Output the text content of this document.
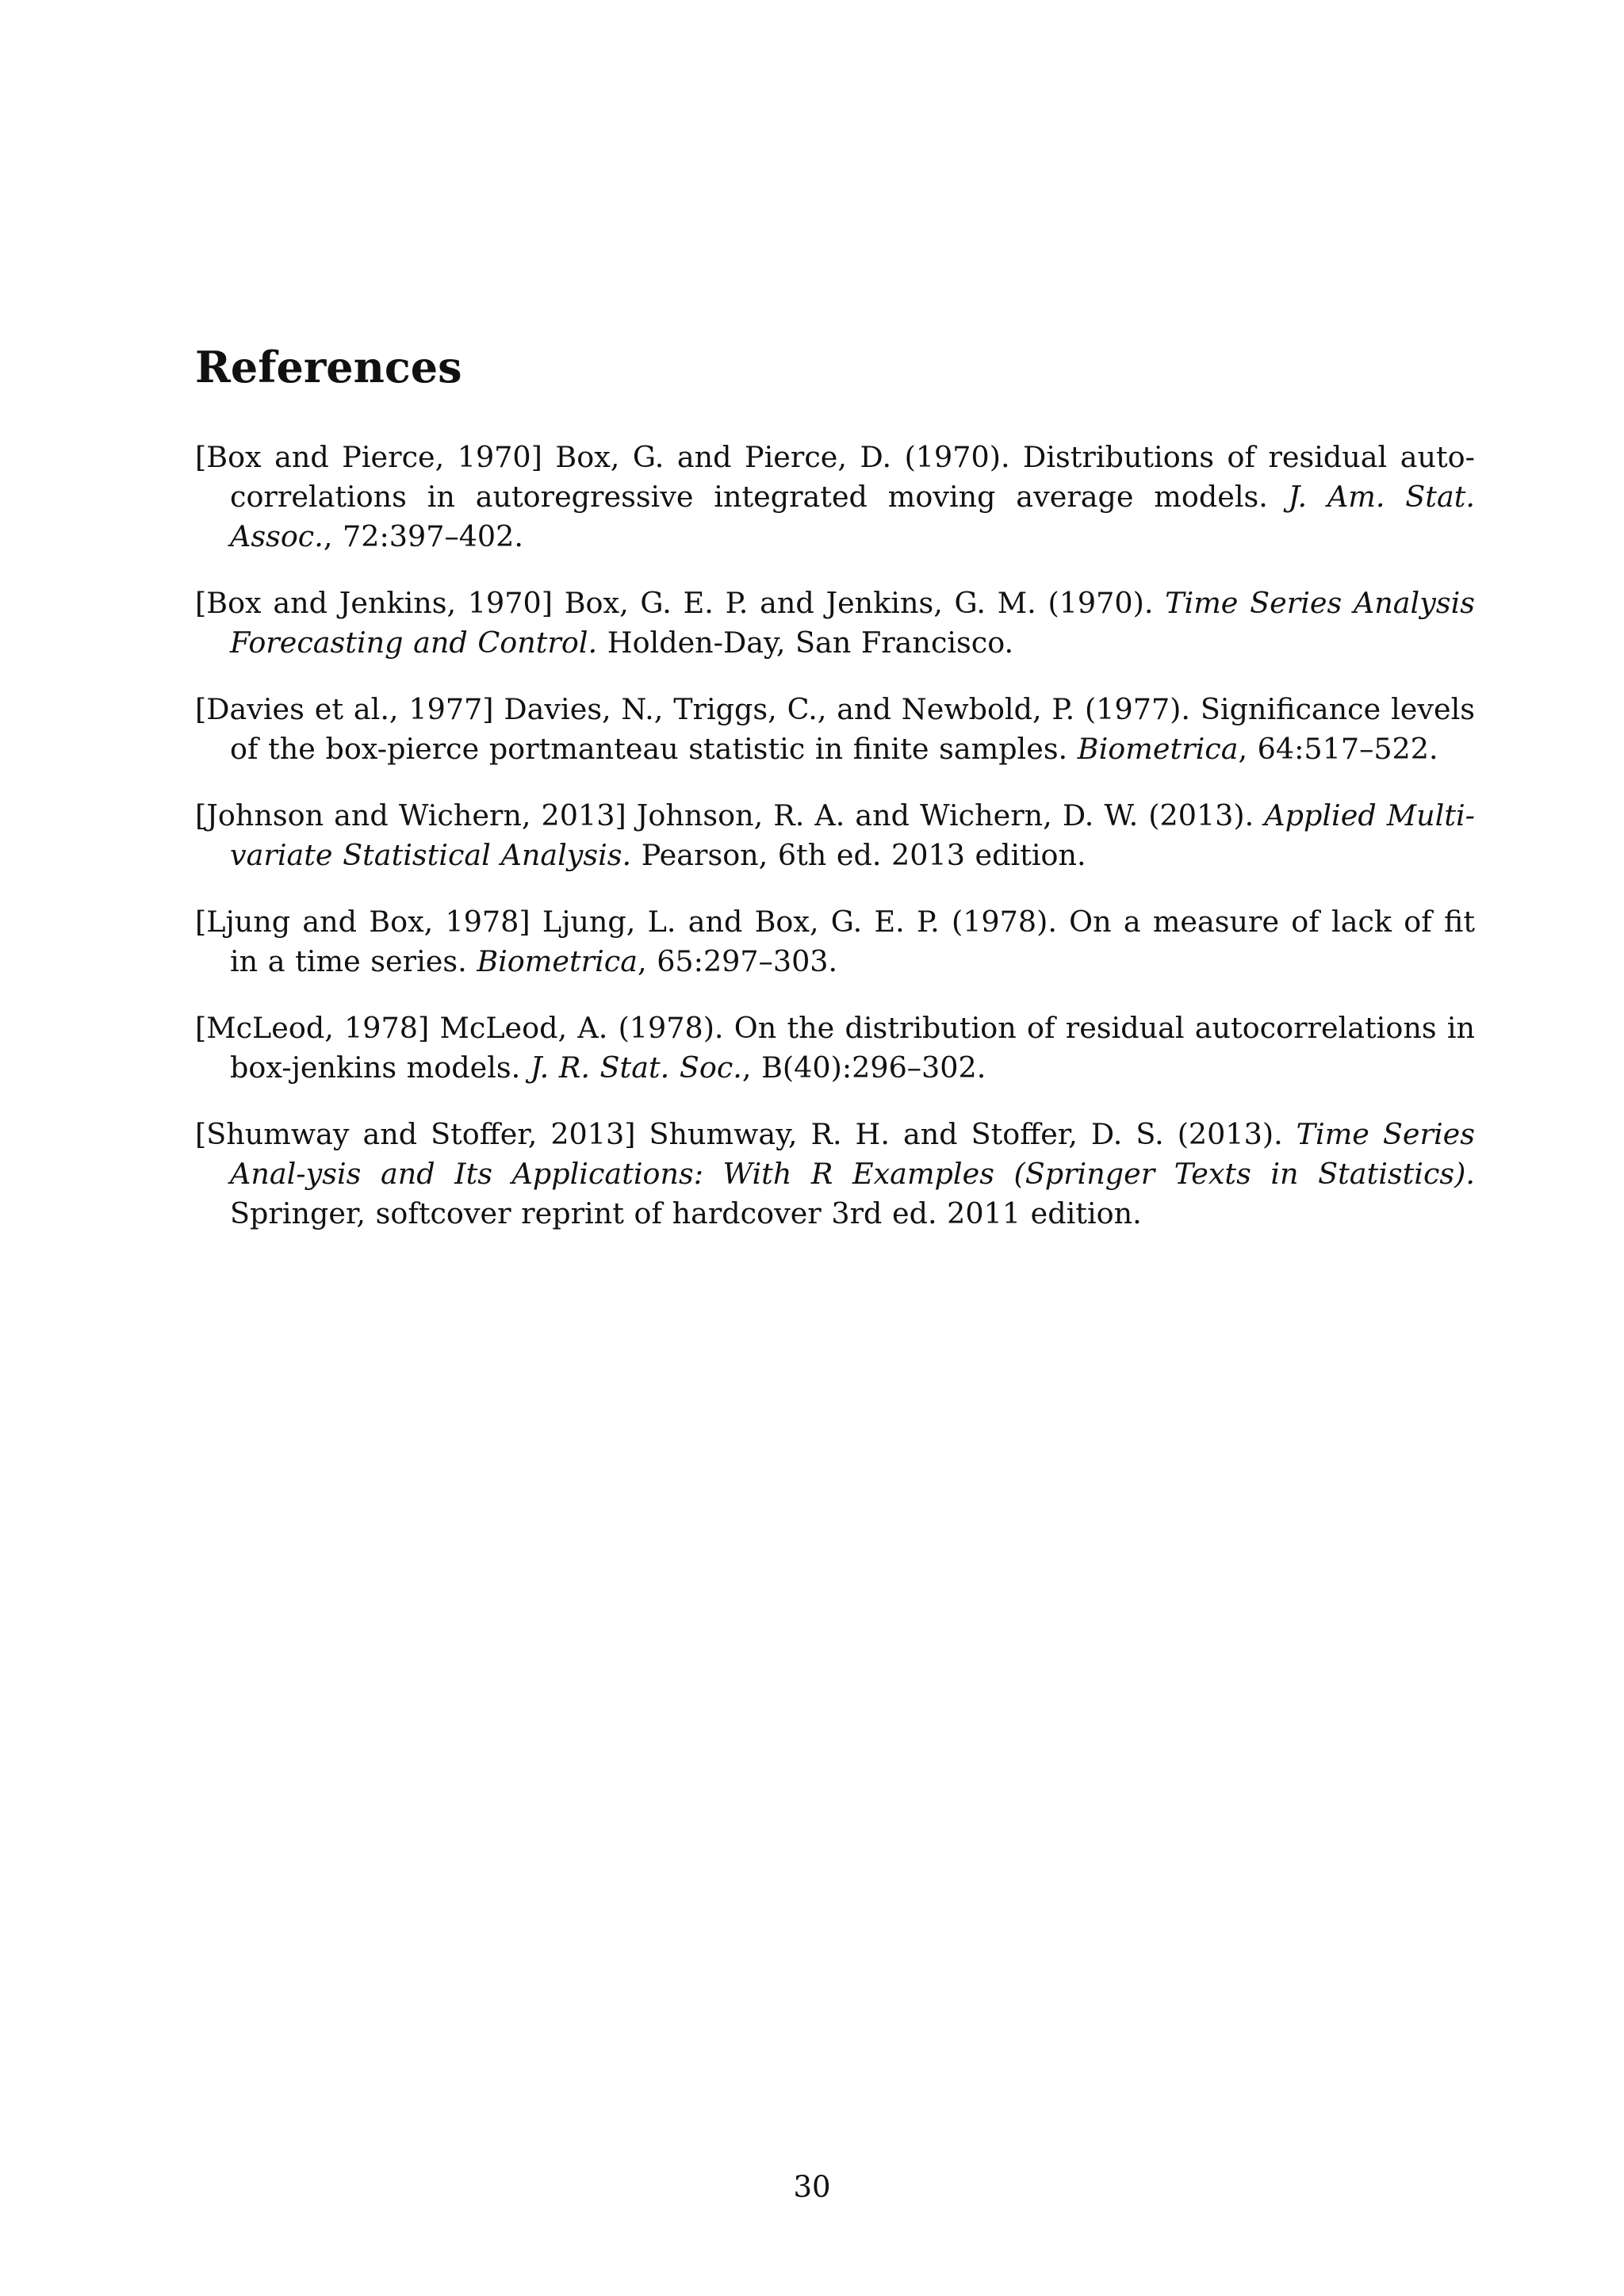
References
[Box and Pierce, 1970] Box, G. and Pierce, D. (1970). Distributions of residual auto-correlations in autoregressive integrated moving average models. J. Am. Stat. Assoc., 72:397–402.
[Box and Jenkins, 1970] Box, G. E. P. and Jenkins, G. M. (1970). Time Series Analysis Forecasting and Control. Holden-Day, San Francisco.
[Davies et al., 1977] Davies, N., Triggs, C., and Newbold, P. (1977). Significance levels of the box-pierce portmanteau statistic in finite samples. Biometrica, 64:517–522.
[Johnson and Wichern, 2013] Johnson, R. A. and Wichern, D. W. (2013). Applied Multi-variate Statistical Analysis. Pearson, 6th ed. 2013 edition.
[Ljung and Box, 1978] Ljung, L. and Box, G. E. P. (1978). On a measure of lack of fit in a time series. Biometrica, 65:297–303.
[McLeod, 1978] McLeod, A. (1978). On the distribution of residual autocorrelations in box-jenkins models. J. R. Stat. Soc., B(40):296–302.
[Shumway and Stoffer, 2013] Shumway, R. H. and Stoffer, D. S. (2013). Time Series Anal-ysis and Its Applications: With R Examples (Springer Texts in Statistics). Springer, softcover reprint of hardcover 3rd ed. 2011 edition.
30
